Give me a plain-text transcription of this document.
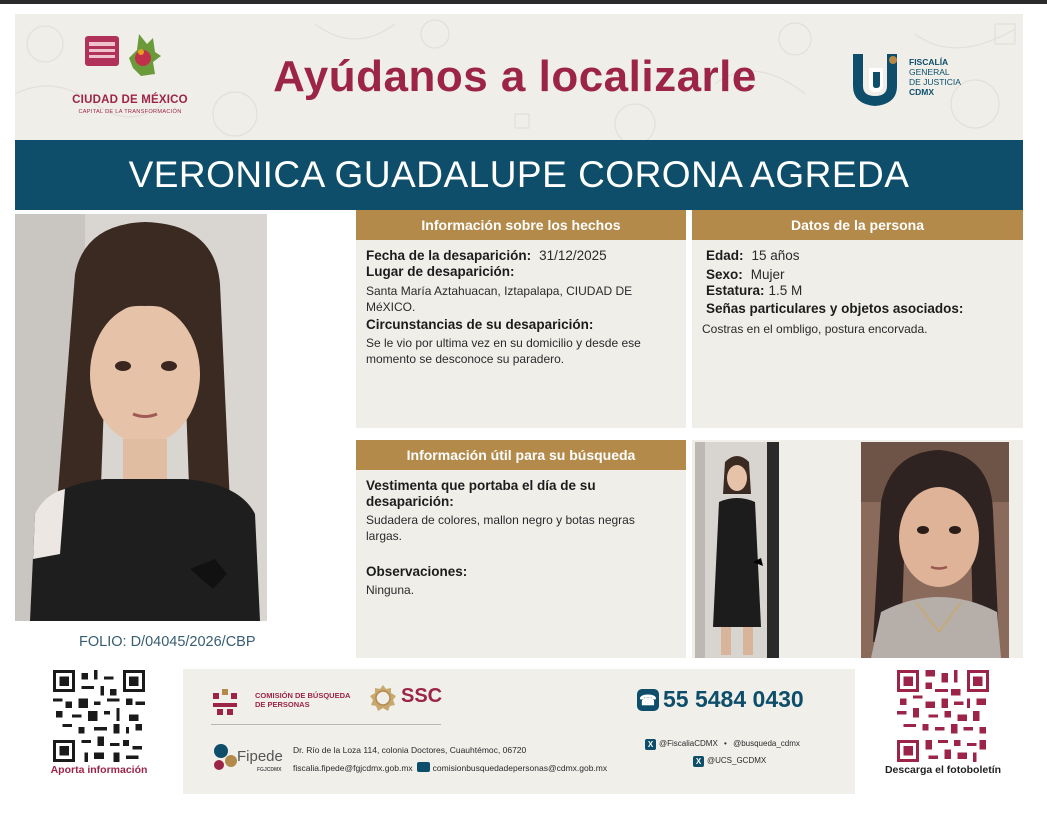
CIUDAD DE MÉXICO
CAPITAL DE LA TRANSFORMACIÓN
Ayúdanos a localizarle	FISCALÍA
GENERAL
DE JUSTICIA
CDMX
VERONICA GUADALUPE CORONA AGREDA
FOLIO: D/04045/2026/CBP
Información sobre los hechos
Fecha de la desaparición: 31/12/2025
Lugar de desaparición:
Santa María Aztahuacan, Iztapalapa, CIUDAD DE MéXICO.
Circunstancias de su desaparición:
Se le vio por ultima vez en su domicilio y desde ese momento se desconoce su paradero.
Datos de la persona
Edad: 15 años
Sexo: Mujer
Estatura: 1.5 M
Señas particulares y objetos asociados:
Costras en el ombligo, postura encorvada.
Información útil para su búsqueda
Vestimenta que portaba el día de su desaparición:
Sudadera de colores, mallon negro y botas negras largas.
Observaciones:
Ninguna.
Aporta información
COMISIÓN DE BÚSQUEDA
DE PERSONAS	SSC	☎ 55 5484 0430
Fipede
FGJCDMX
Dr. Río de la Loza 114, colonia Doctores, Cuauhtémoc, 06720
fiscalia.fipede@fgjcdmx.gob.mx comisionbusquedadepersonas@cdmx.gob.mx
X @FiscaliaCDMX • @busqueda_cdmx
X @UCS_GCDMX
Descarga el fotoboletín
